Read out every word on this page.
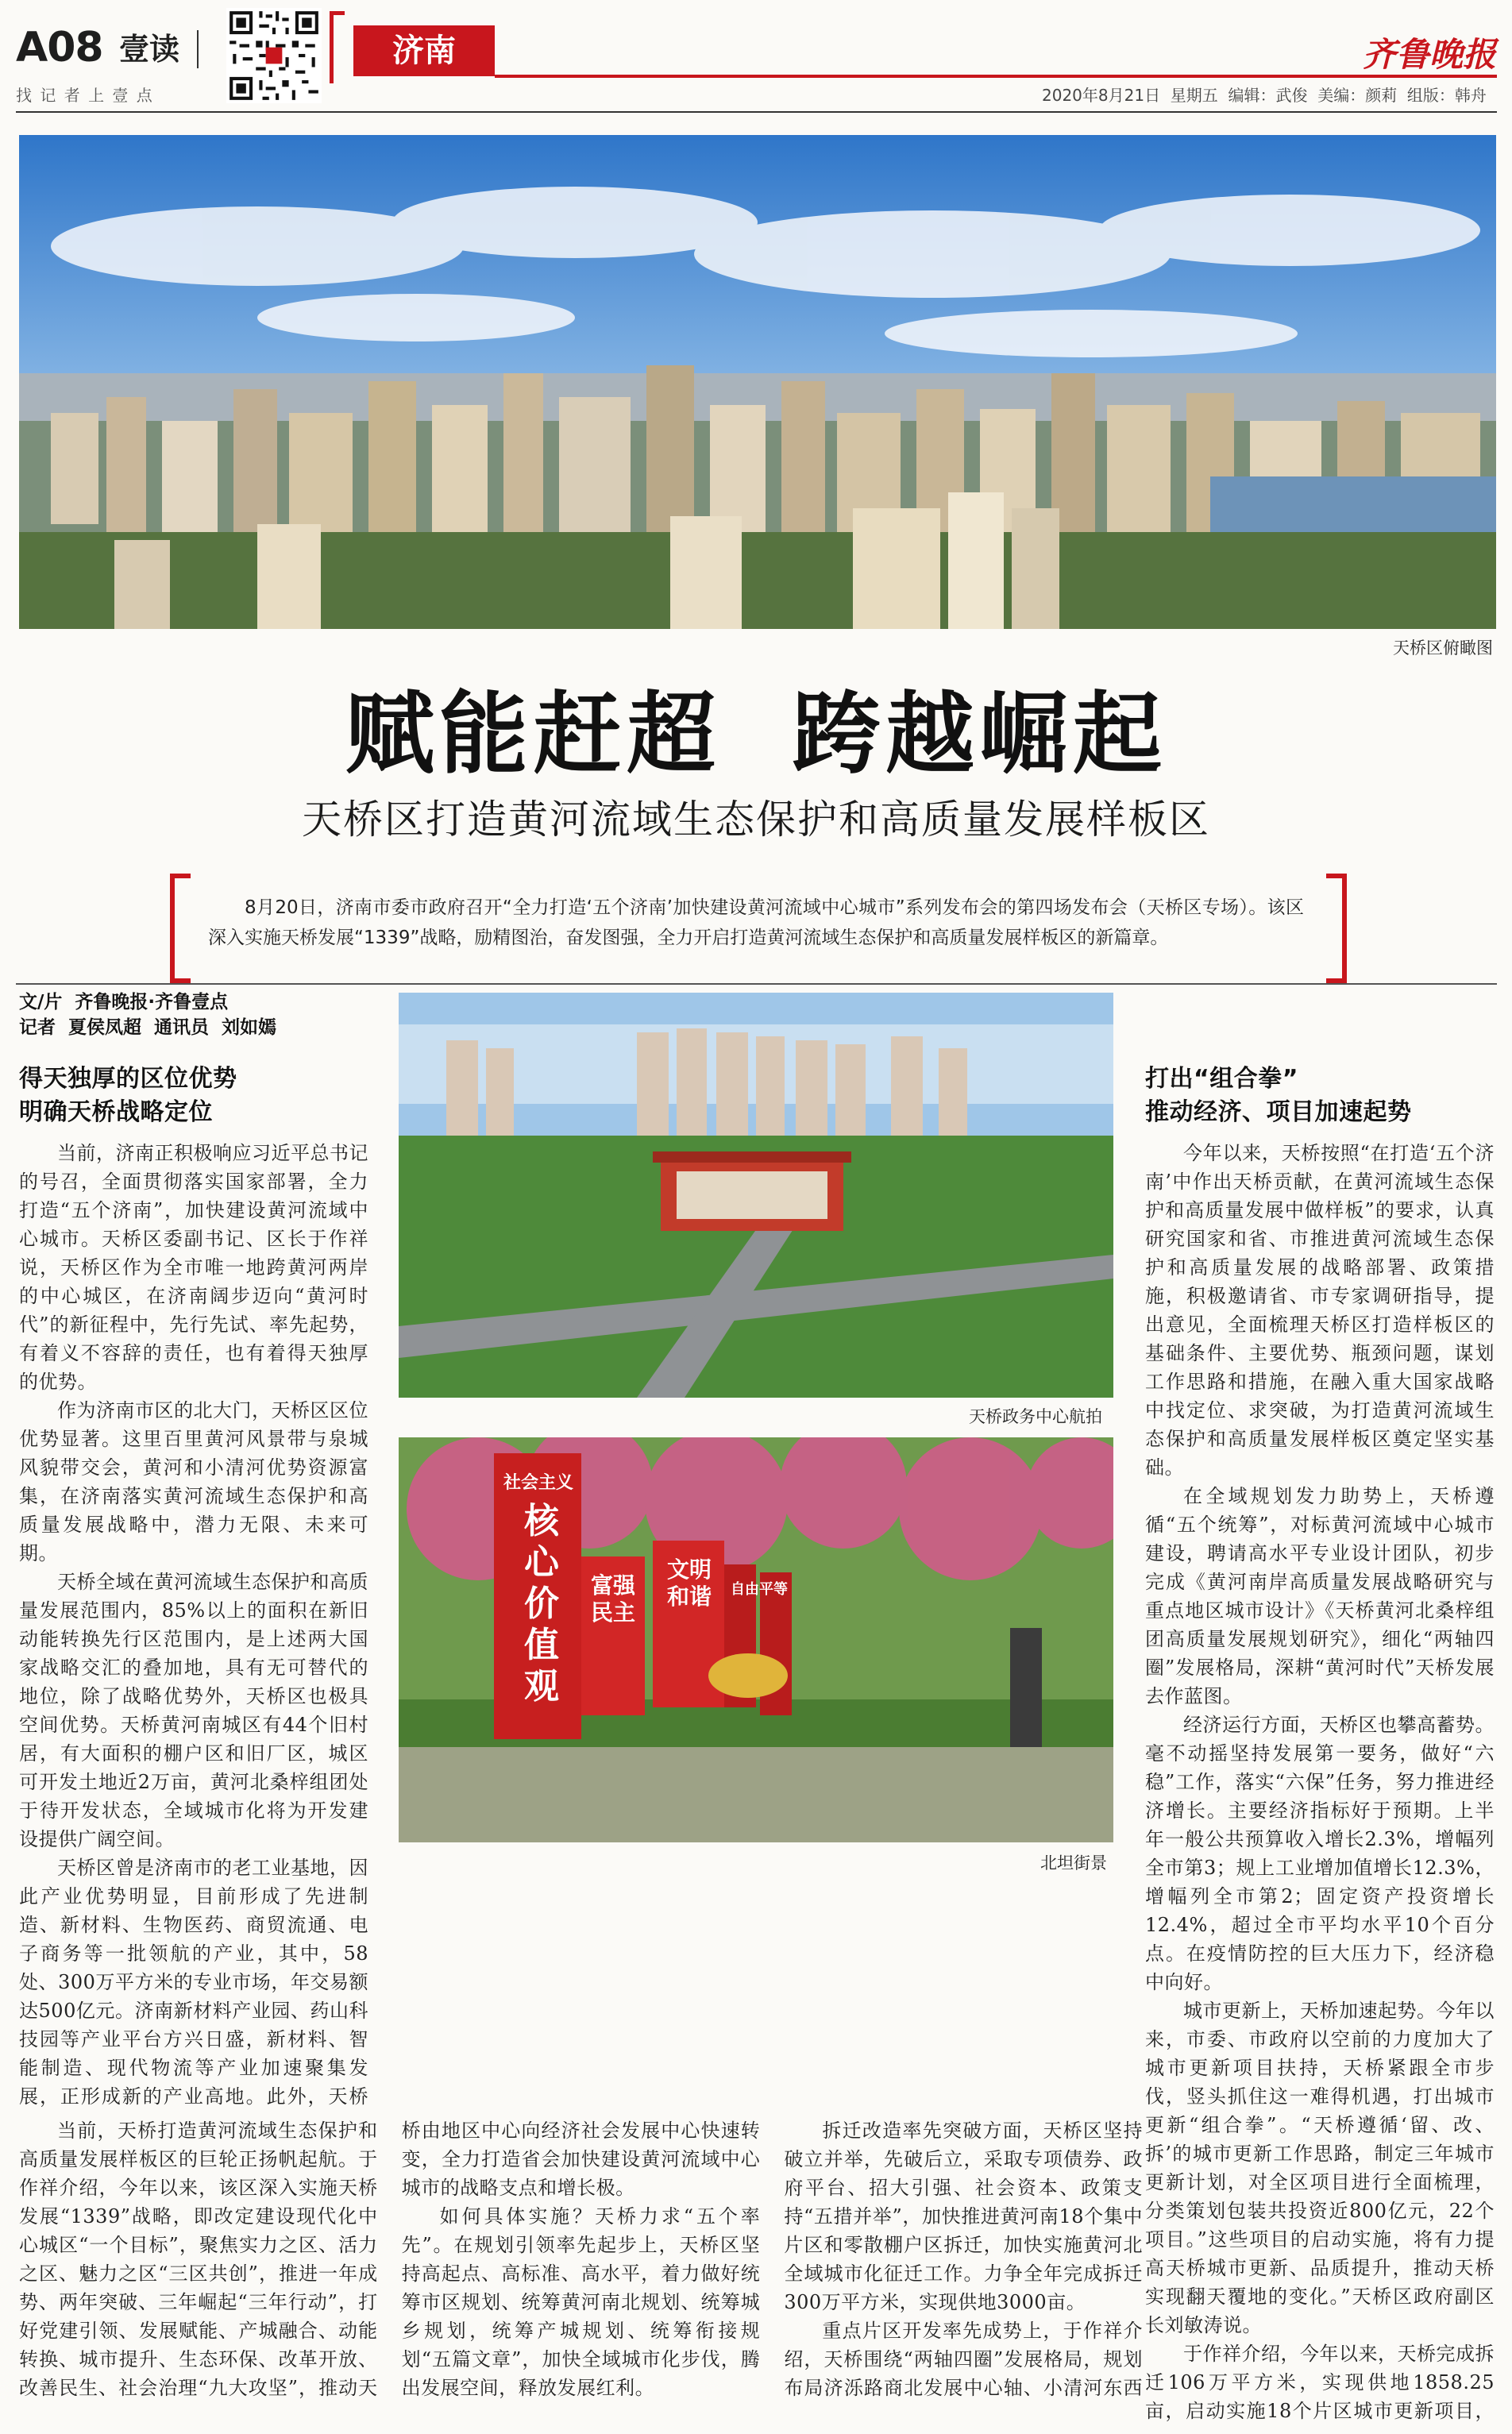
A08 壹读
找 记 者 上 壹 点
济南	齐鲁晚报
2020年8月21日  星期五  编辑：武俊  美编：颜莉  组版：韩舟
天桥区俯瞰图
赋能赶超  跨越崛起
天桥区打造黄河流域生态保护和高质量发展样板区
8月20日，济南市委市政府召开“全力打造‘五个济南’加快建设黄河流域中心城市”系列发布会的第四场发布会（天桥区专场）。该区深入实施天桥发展“1339”战略，励精图治，奋发图强，全力开启打造黄河流域生态保护和高质量发展样板区的新篇章。
文/片  齐鲁晚报·齐鲁壹点
记者  夏侯凤超  通讯员  刘如嫣
得天独厚的区位优势
明确天桥战略定位

当前，济南正积极响应习近平总书记的号召，全面贯彻落实国家部署，全力打造“五个济南”，加快建设黄河流域中心城市。天桥区委副书记、区长于作祥说，天桥区作为全市唯一地跨黄河两岸的中心城区，在济南阔步迈向“黄河时代”的新征程中，先行先试、率先起势，有着义不容辞的责任，也有着得天独厚的优势。

作为济南市区的北大门，天桥区区位优势显著。这里百里黄河风景带与泉城风貌带交会，黄河和小清河优势资源富集，在济南落实黄河流域生态保护和高质量发展战略中，潜力无限、未来可期。

天桥全域在黄河流域生态保护和高质量发展范围内，85%以上的面积在新旧动能转换先行区范围内，是上述两大国家战略交汇的叠加地，具有无可替代的地位，除了战略优势外，天桥区也极具空间优势。天桥黄河南城区有44个旧村居，有大面积的棚户区和旧厂区，城区可开发土地近2万亩，黄河北桑梓组团处于待开发状态，全域城市化将为开发建设提供广阔空间。

天桥区曾是济南市的老工业基地，因此产业优势明显，目前形成了先进制造、新材料、生物医药、商贸流通、电子商务等一批领航的产业，其中，58处、300万平方米的专业市场，年交易额达500亿元。济南新材料产业园、药山科技园等产业平台方兴日盛，新材料、智能制造、现代物流等产业加速聚集发展，正形成新的产业高地。此外，天桥

当前，天桥打造黄河流域生态保护和高质量发展样板区的巨轮正扬帆起航。于作祥介绍，今年以来，该区深入实施天桥发展“1339”战略，即改定建设现代化中心城区“一个目标”，聚焦实力之区、活力之区、魅力之区“三区共创”，推进一年成势、两年突破、三年崛起“三年行动”，打好党建引领、发展赋能、产城融合、动能转换、城市提升、生态环保、改革开放、改善民生、社会治理“九大攻坚”，推动天桥由地区中心向经济社会发展中心快速转变，全力打造省会加快建设黄河流域中心城市的战略支点和增长极。

如何具体实施？天桥力求“五个率先”。在规划引领率先起步上，天桥区坚持高起点、高标准、高水平，着力做好统筹市区规划、统筹黄河南北规划、统筹城乡规划，统筹产城规划、统筹衔接规划“五篇文章”，加快全域城市化步伐，腾出发展空间，释放发展红利。

拆迁改造率先突破方面，天桥区坚持破立并举，先破后立，采取专项债券、政府平台、招大引强、社会资本、政策支持“五措并举”，加快推进黄河南18个集中片区和零散棚户区拆迁，加快实施黄河北全域城市化征迁工作。力争全年完成拆迁300万平方米，实现供地3000亩。

重点片区开发率先成势上，于作祥介绍，天桥围绕“两轴四圈”发展格局，规划布局济泺路商北发展中心轴、小清河东西

天桥政务中心航拍
社会主义
核心价值观
富强民主
文明和谐	自由平等
北坦街景
打出“组合拳”
推动经济、项目加速起势

今年以来，天桥按照“在打造‘五个济南’中作出天桥贡献，在黄河流域生态保护和高质量发展中做样板”的要求，认真研究国家和省、市推进黄河流域生态保护和高质量发展的战略部署、政策措施，积极邀请省、市专家调研指导，提出意见，全面梳理天桥区打造样板区的基础条件、主要优势、瓶颈问题，谋划工作思路和措施，在融入重大国家战略中找定位、求突破，为打造黄河流域生态保护和高质量发展样板区奠定坚实基础。

在全域规划发力助势上，天桥遵循“五个统筹”，对标黄河流域中心城市建设，聘请高水平专业设计团队，初步完成《黄河南岸高质量发展战略研究与重点地区城市设计》《天桥黄河北桑梓组团高质量发展规划研究》，细化“两轴四圈”发展格局，深耕“黄河时代”天桥发展去作蓝图。

经济运行方面，天桥区也攀高蓄势。毫不动摇坚持发展第一要务，做好“六稳”工作，落实“六保”任务，努力推进经济增长。主要经济指标好于预期。上半年一般公共预算收入增长2.3%，增幅列全市第3；规上工业增加值增长12.3%，增幅列全市第2；固定资产投资增长12.4%，超过全市平均水平10个百分点。在疫情防控的巨大压力下，经济稳中向好。

城市更新上，天桥加速起势。今年以来，市委、市政府以空前的力度加大了城市更新项目扶持，天桥紧跟全市步伐，竖头抓住这一难得机遇，打出城市更新“组合拳”。“天桥遵循‘留、改、拆’的城市更新工作思路，制定三年城市更新计划，对全区项目进行全面梳理，分类策划包装共投资近800亿元，22个项目。”这些项目的启动实施，将有力提高天桥城市更新、品质提升，推动天桥实现翻天覆地的变化。”天桥区政府副区长刘敏涛说。

于作祥介绍，今年以来，天桥完成拆迁106万平方米，实现供地1858.25亩，启动实施18个片区城市更新项目，
